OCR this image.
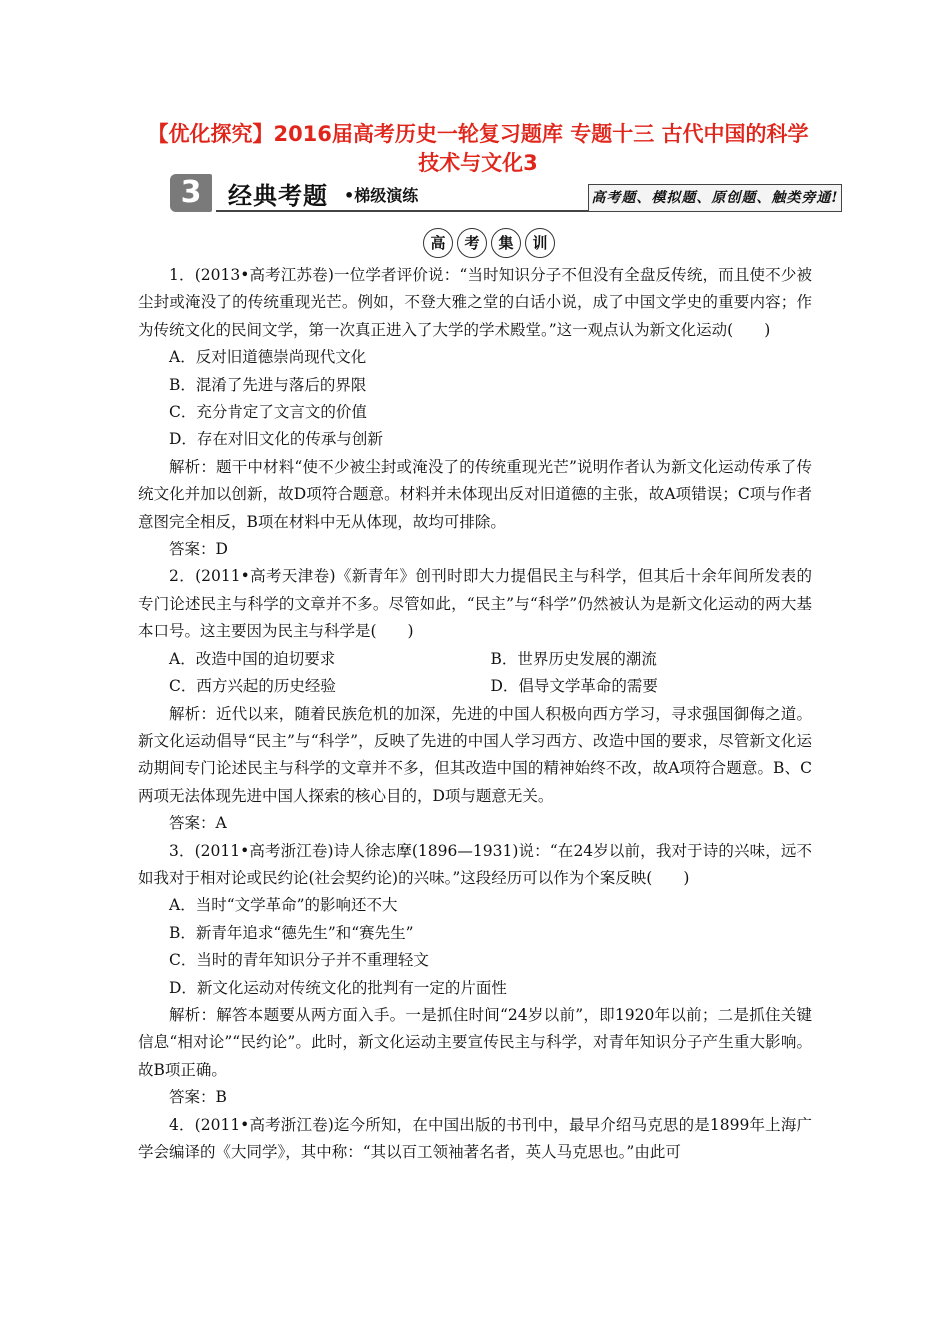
【优化探究】2016届高考历史一轮复习题库 专题十三 古代中国的科学技术与文化3
3	经典考题 •梯级演练	高考题、模拟题、原创题、触类旁通!
高	考	集	训

1．(2013•高考江苏卷)一位学者评价说：“当时知识分子不但没有全盘反传统，而且使不少被尘封或淹没了的传统重现光芒。例如，不登大雅之堂的白话小说，成了中国文学史的重要内容；作为传统文化的民间文学，第一次真正进入了大学的学术殿堂。”这一观点认为新文化运动(　　)

A．反对旧道德崇尚现代文化

B．混淆了先进与落后的界限

C．充分肯定了文言文的价值

D．存在对旧文化的传承与创新

解析：题干中材料“使不少被尘封或淹没了的传统重现光芒”说明作者认为新文化运动传承了传统文化并加以创新，故D项符合题意。材料并未体现出反对旧道德的主张，故A项错误；C项与作者意图完全相反，B项在材料中无从体现，故均可排除。

答案：D

2．(2011•高考天津卷)《新青年》创刊时即大力提倡民主与科学，但其后十余年间所发表的专门论述民主与科学的文章并不多。尽管如此，“民主”与“科学”仍然被认为是新文化运动的两大基本口号。这主要因为民主与科学是(　　)

A．改造中国的迫切要求	B．世界历史发展的潮流
C．西方兴起的历史经验	D．倡导文学革命的需要

解析：近代以来，随着民族危机的加深，先进的中国人积极向西方学习，寻求强国御侮之道。新文化运动倡导“民主”与“科学”，反映了先进的中国人学习西方、改造中国的要求，尽管新文化运动期间专门论述民主与科学的文章并不多，但其改造中国的精神始终不改，故A项符合题意。B、C两项无法体现先进中国人探索的核心目的，D项与题意无关。

答案：A

3．(2011•高考浙江卷)诗人徐志摩(1896—1931)说：“在24岁以前，我对于诗的兴味，远不如我对于相对论或民约论(社会契约论)的兴味。”这段经历可以作为个案反映(　　)

A．当时“文学革命”的影响还不大

B．新青年追求“德先生”和“赛先生”

C．当时的青年知识分子并不重理轻文

D．新文化运动对传统文化的批判有一定的片面性

解析：解答本题要从两方面入手。一是抓住时间“24岁以前”，即1920年以前；二是抓住关键信息“相对论”“民约论”。此时，新文化运动主要宣传民主与科学，对青年知识分子产生重大影响。故B项正确。

答案：B

4．(2011•高考浙江卷)迄今所知，在中国出版的书刊中，最早介绍马克思的是1899年上海广学会编译的《大同学》，其中称：“其以百工领袖著名者，英人马克思也。”由此可
